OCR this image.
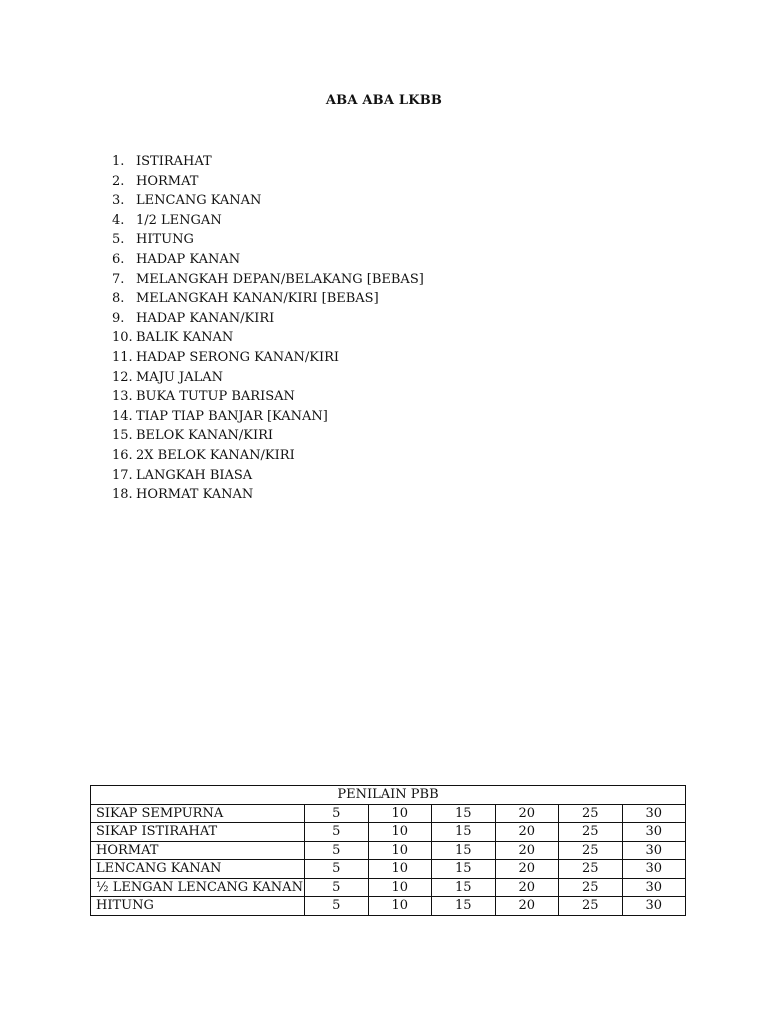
ABA ABA LKBB
1. ISTIRAHAT
2. HORMAT
3. LENCANG KANAN
4. 1/2 LENGAN
5. HITUNG
6. HADAP KANAN
7. MELANGKAH DEPAN/BELAKANG [BEBAS]
8. MELANGKAH KANAN/KIRI [BEBAS]
9. HADAP KANAN/KIRI
10. BALIK KANAN
11. HADAP SERONG KANAN/KIRI
12. MAJU JALAN
13. BUKA TUTUP BARISAN
14. TIAP TIAP BANJAR [KANAN]
15. BELOK KANAN/KIRI
16. 2X BELOK KANAN/KIRI
17. LANGKAH BIASA
18. HORMAT KANAN
PENILAIN PBB						
SIKAP SEMPURNA	5	10	15	20	25	30
SIKAP ISTIRAHAT	5	10	15	20	25	30
HORMAT	5	10	15	20	25	30
LENCANG KANAN	5	10	15	20	25	30
½ LENGAN LENCANG KANAN	5	10	15	20	25	30
HITUNG	5	10	15	20	25	30
